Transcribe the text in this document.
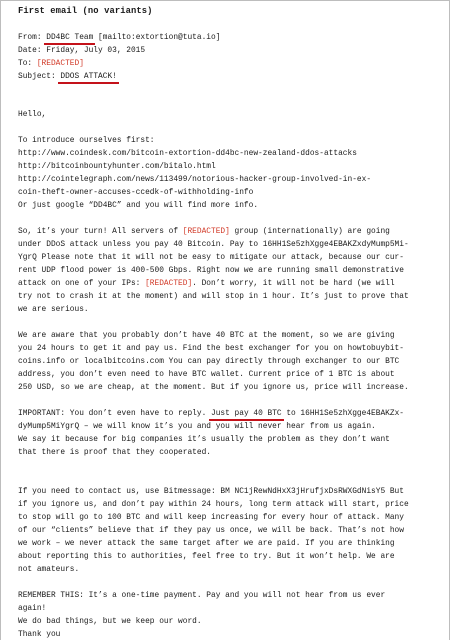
First email (no variants)
From: DD4BC Team [mailto:extortion@tuta.io]
Date: Friday, July 03, 2015
To: [REDACTED]
Subject: DDOS ATTACK!
Hello,
To introduce ourselves first:
http://www.coindesk.com/bitcoin-extortion-dd4bc-new-zealand-ddos-attacks
http://bitcoinbountyhunter.com/bitalo.html
http://cointelegraph.com/news/113499/notorious-hacker-group-involved-in-ex-
coin-theft-owner-accuses-ccedk-of-withholding-info
Or just google “DD4BC” and you will find more info.
So, it’s your turn! All servers of [REDACTED] group (internationally) are going
under DDoS attack unless you pay 40 Bitcoin. Pay to 16HH1Se5zhXgge4EBAKZxdyMump5Mi-
YgrQ Please note that it will not be easy to mitigate our attack, because our cur-
rent UDP flood power is 400-500 Gbps. Right now we are running small demonstrative
attack on one of your IPs: [REDACTED]. Don’t worry, it will not be hard (we will
try not to crash it at the moment) and will stop in 1 hour. It’s just to prove that
we are serious.
We are aware that you probably don’t have 40 BTC at the moment, so we are giving
you 24 hours to get it and pay us. Find the best exchanger for you on howtobuybit-
coins.info or localbitcoins.com You can pay directly through exchanger to our BTC
address, you don’t even need to have BTC wallet. Current price of 1 BTC is about
250 USD, so we are cheap, at the moment. But if you ignore us, price will increase.
IMPORTANT: You don’t even have to reply. Just pay 40 BTC to 16HH1Se5zhXgge4EBAKZx-
dyMump5MiYgrQ – we will know it’s you and you will never hear from us again.
We say it because for big companies it’s usually the problem as they don’t want
that there is proof that they cooperated.
If you need to contact us, use Bitmessage: BM NC1jRewNdHxX3jHrufjxDsRWXGdNisY5 But
if you ignore us, and don’t pay within 24 hours, long term attack will start, price
to stop will go to 100 BTC and will keep increasing for every hour of attack. Many
of our “clients” believe that if they pay us once, we will be back. That’s not how
we work – we never attack the same target after we are paid. If you are thinking
about reporting this to authorities, feel free to try. But it won’t help. We are
not amateurs.
REMEMBER THIS: It’s a one-time payment. Pay and you will not hear from us ever
again!
We do bad things, but we keep our word.
Thank you
